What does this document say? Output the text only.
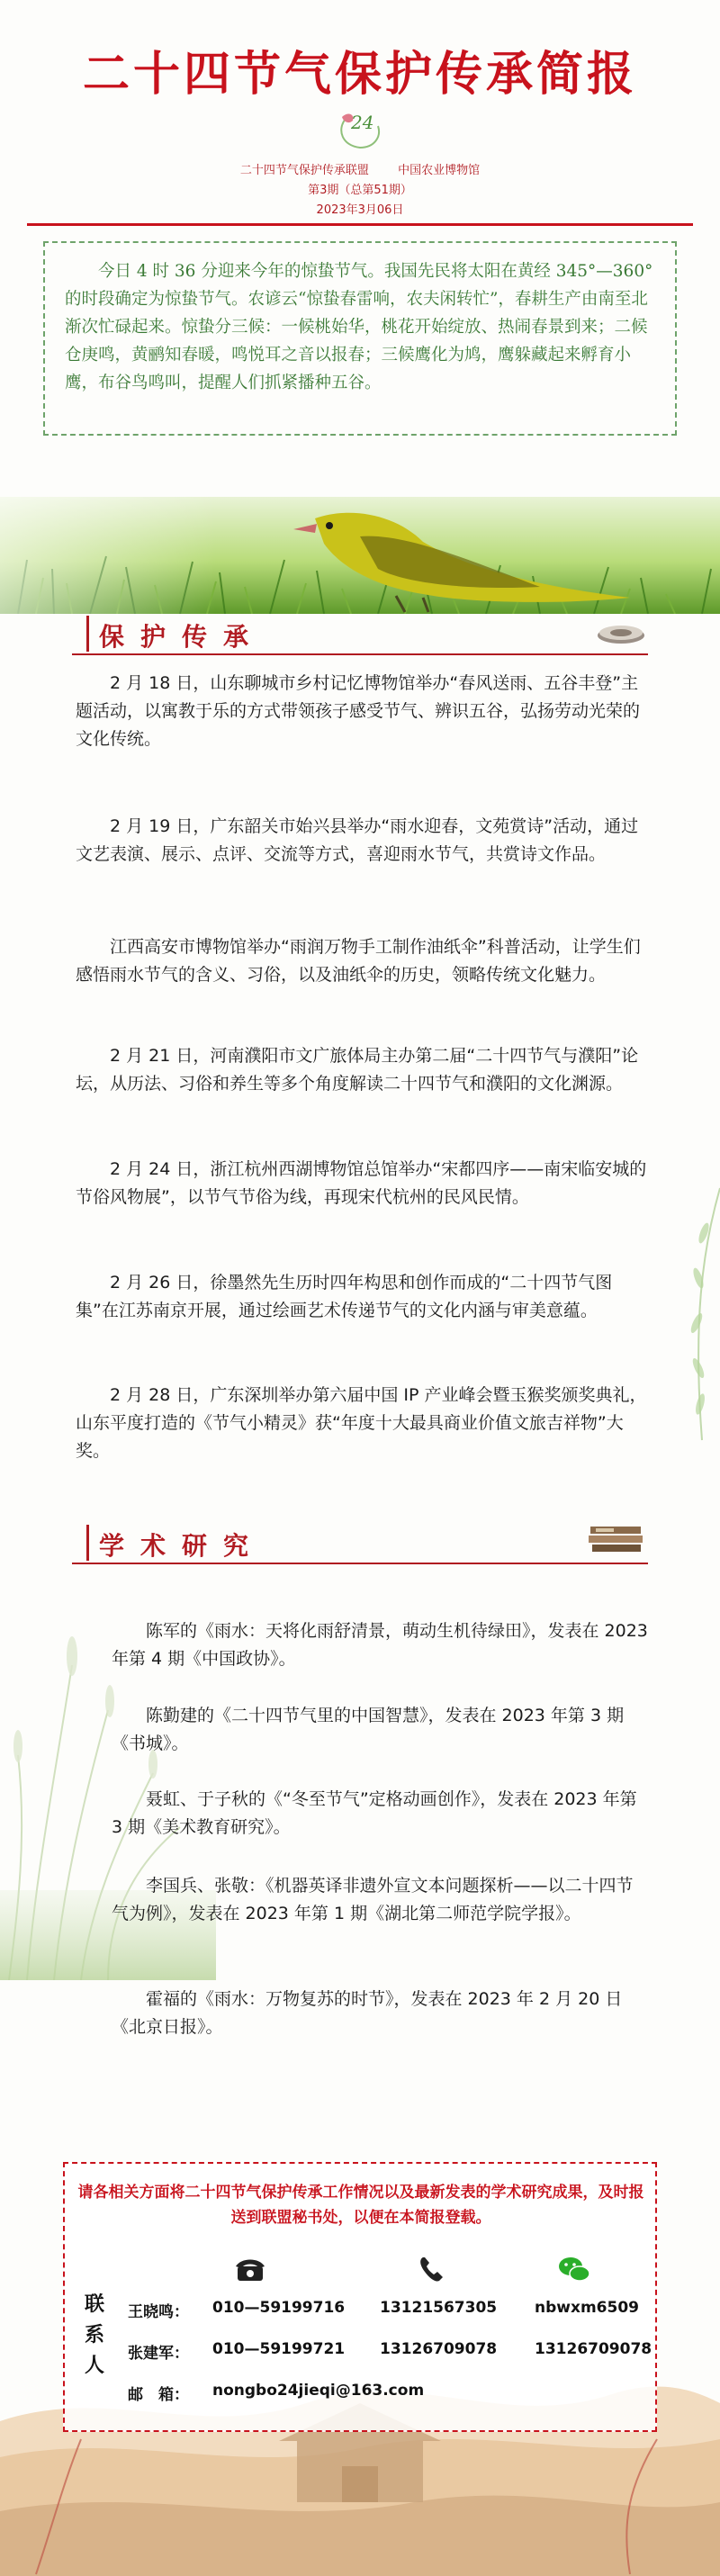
二十四节气保护传承简报
24
二十四节气保护传承联盟 中国农业博物馆
第3期（总第51期）
2023年3月06日

今日 4 时 36 分迎来今年的惊蛰节气。我国先民将太阳在黄经 345°—360° 的时段确定为惊蛰节气。农谚云“惊蛰春雷响，农夫闲转忙”，春耕生产由南至北渐次忙碌起来。惊蛰分三候：一候桃始华，桃花开始绽放、热闹春景到来；二候仓庚鸣，黄鹂知春暖，鸣悦耳之音以报春；三候鹰化为鸠，鹰躲藏起来孵育小鹰，布谷鸟鸣叫，提醒人们抓紧播种五谷。

保护传承

2 月 18 日，山东聊城市乡村记忆博物馆举办“春风送雨、五谷丰登”主题活动，以寓教于乐的方式带领孩子感受节气、辨识五谷，弘扬劳动光荣的文化传统。

2 月 19 日，广东韶关市始兴县举办“雨水迎春，文苑赏诗”活动，通过文艺表演、展示、点评、交流等方式，喜迎雨水节气，共赏诗文作品。

江西高安市博物馆举办“雨润万物手工制作油纸伞”科普活动，让学生们感悟雨水节气的含义、习俗，以及油纸伞的历史，领略传统文化魅力。

2 月 21 日，河南濮阳市文广旅体局主办第二届“二十四节气与濮阳”论坛，从历法、习俗和养生等多个角度解读二十四节气和濮阳的文化渊源。

2 月 24 日，浙江杭州西湖博物馆总馆举办“宋都四序——南宋临安城的节俗风物展”，以节气节俗为线，再现宋代杭州的民风民情。

2 月 26 日，徐墨然先生历时四年构思和创作而成的“二十四节气图集”在江苏南京开展，通过绘画艺术传递节气的文化内涵与审美意蕴。

2 月 28 日，广东深圳举办第六届中国 IP 产业峰会暨玉猴奖颁奖典礼，山东平度打造的《节气小精灵》获“年度十大最具商业价值文旅吉祥物”大奖。

学术研究

陈军的《雨水：天将化雨舒清景，萌动生机待绿田》，发表在 2023 年第 4 期《中国政协》。

陈勤建的《二十四节气里的中国智慧》，发表在 2023 年第 3 期《书城》。

聂虹、于子秋的《“冬至节气”定格动画创作》，发表在 2023 年第 3 期《美术教育研究》。

李国兵、张敬：《机器英译非遗外宣文本问题探析——以二十四节气为例》，发表在 2023 年第 1 期《湖北第二师范学院学报》。

霍福的《雨水：万物复苏的时节》，发表在 2023 年 2 月 20 日《北京日报》。

请各相关方面将二十四节气保护传承工作情况以及最新发表的学术研究成果，及时报送到联盟秘书处，以便在本简报登载。

联系人
王晓鸣： 010—59199716 13121567305 nbwxm6509
张建军： 010—59199721 13126709078 13126709078
邮　箱： nongbo24jieqi@163.com
